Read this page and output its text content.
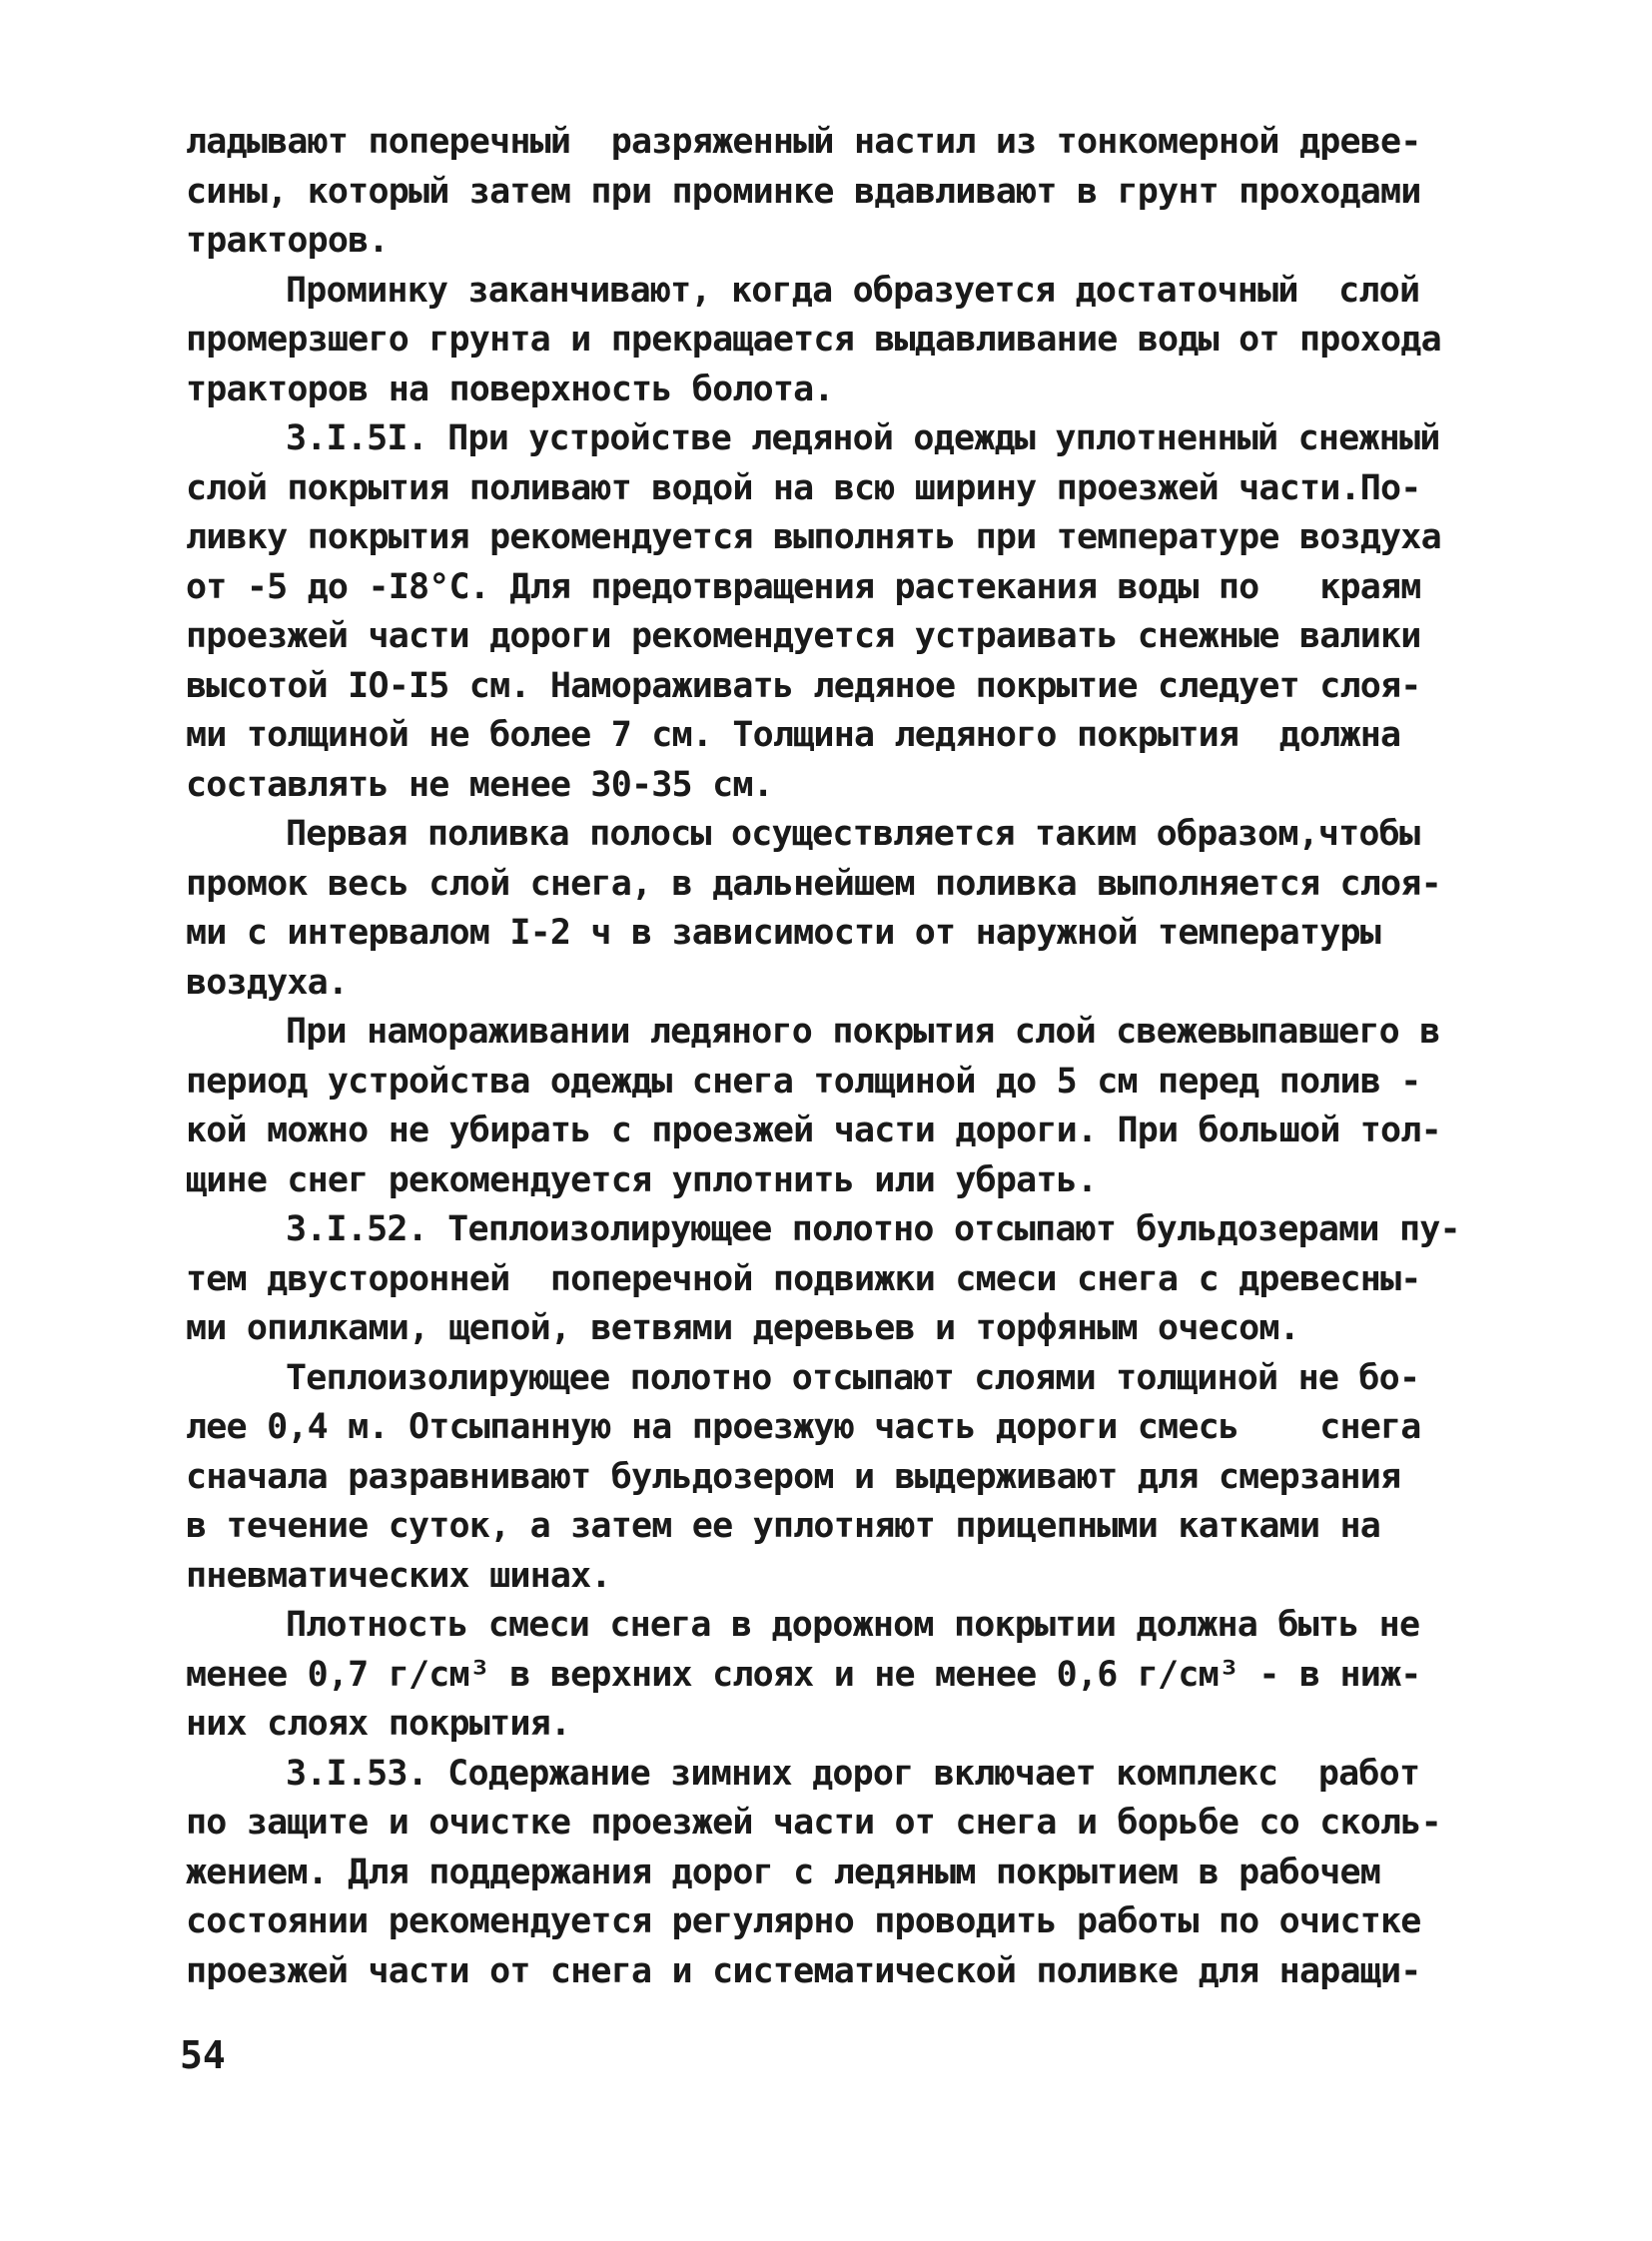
ладывают поперечный  разряженный настил из тонкомерной древе-
сины, который затем при проминке вдавливают в грунт проходами
тракторов.
Проминку заканчивают, когда образуется достаточный  слой
промерзшего грунта и прекращается выдавливание воды от прохода
тракторов на поверхность болота.
3.I.5I. При устройстве ледяной одежды уплотненный снежный
слой покрытия поливают водой на всю ширину проезжей части.По-
ливку покрытия рекомендуется выполнять при температуре воздуха
от -5 до -I8°С. Для предотвращения растекания воды по   краям
проезжей части дороги рекомендуется устраивать снежные валики
высотой IO-I5 см. Намораживать ледяное покрытие следует слоя-
ми толщиной не более 7 см. Толщина ледяного покрытия  должна
составлять не менее 30-35 см.
Первая поливка полосы осуществляется таким образом,чтобы
промок весь слой снега, в дальнейшем поливка выполняется слоя-
ми с интервалом I-2 ч в зависимости от наружной температуры
воздуха.
При намораживании ледяного покрытия слой свежевыпавшего в
период устройства одежды снега толщиной до 5 см перед полив -
кой можно не убирать с проезжей части дороги. При большой тол-
щине снег рекомендуется уплотнить или убрать.
3.I.52. Теплоизолирующее полотно отсыпают бульдозерами пу-
тем двусторонней  поперечной подвижки смеси снега с древесны-
ми опилками, щепой, ветвями деревьев и торфяным очесом.
Теплоизолирующее полотно отсыпают слоями толщиной не бо-
лее 0,4 м. Отсыпанную на проезжую часть дороги смесь    снега
сначала разравнивают бульдозером и выдерживают для смерзания
в течение суток, а затем ее уплотняют прицепными катками на
пневматических шинах.
Плотность смеси снега в дорожном покрытии должна быть не
менее 0,7 г/см³ в верхних слоях и не менее 0,6 г/см³ - в ниж-
них слоях покрытия.
3.I.53. Содержание зимних дорог включает комплекс  работ
по защите и очистке проезжей части от снега и борьбе со сколь-
жением. Для поддержания дорог с ледяным покрытием в рабочем
состоянии рекомендуется регулярно проводить работы по очистке
проезжей части от снега и систематической поливке для наращи-
54
